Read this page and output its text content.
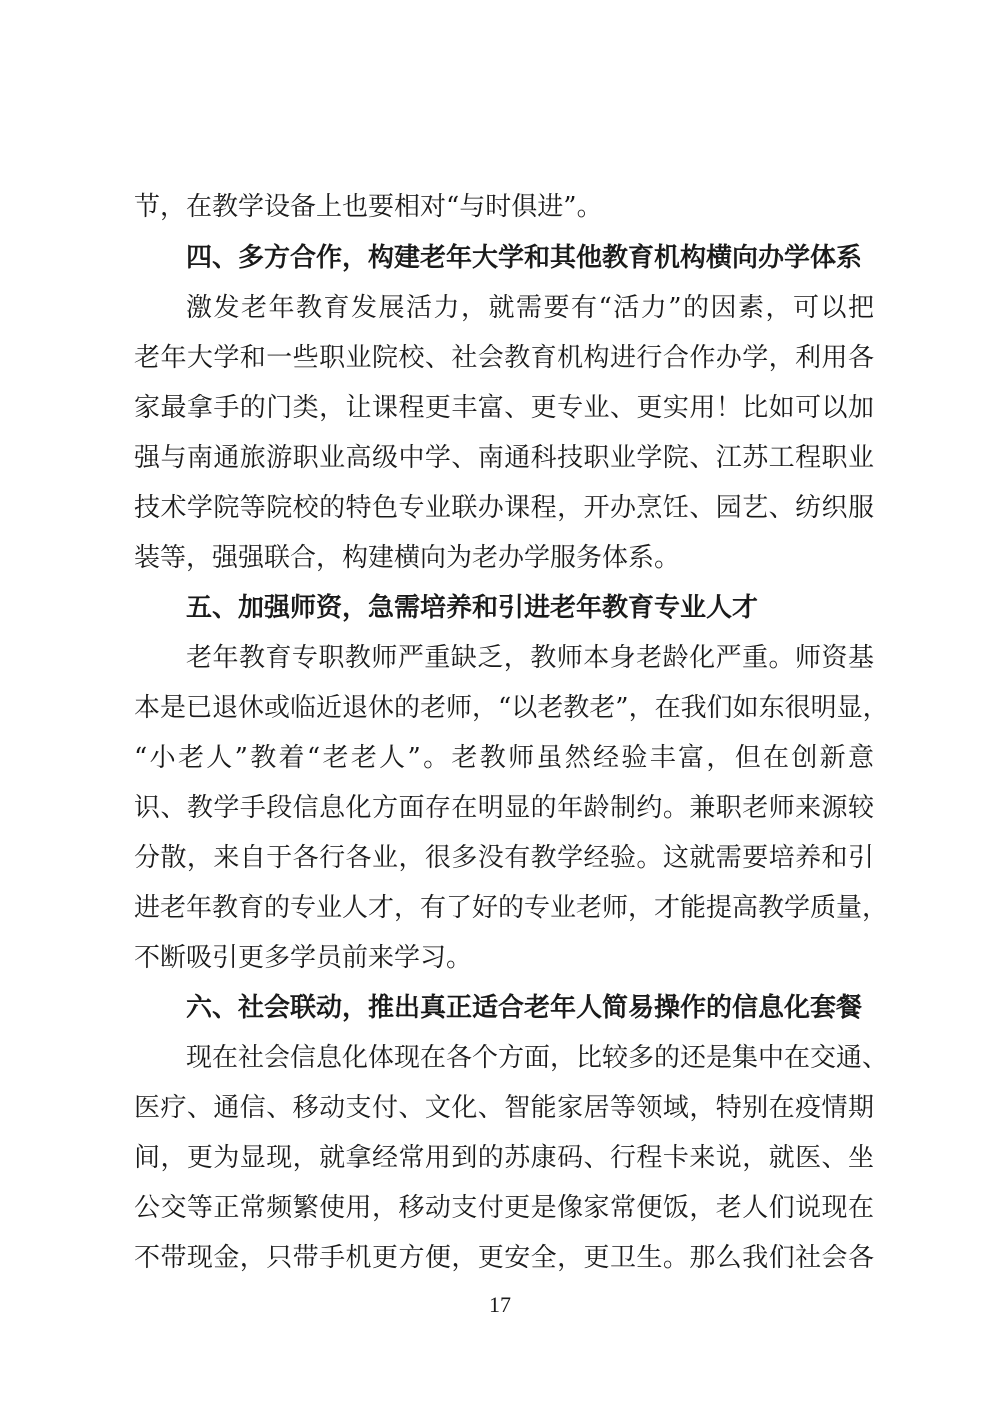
节，在教学设备上也要相对“与时俱进”。
四、多方合作，构建老年大学和其他教育机构横向办学体系
激发老年教育发展活力，就需要有“活力”的因素，可以把
老年大学和一些职业院校、社会教育机构进行合作办学，利用各
家最拿手的门类，让课程更丰富、更专业、更实用！比如可以加
强与南通旅游职业高级中学、南通科技职业学院、江苏工程职业
技术学院等院校的特色专业联办课程，开办烹饪、园艺、纺织服
装等，强强联合，构建横向为老办学服务体系。
五、加强师资，急需培养和引进老年教育专业人才
老年教育专职教师严重缺乏，教师本身老龄化严重。师资基
本是已退休或临近退休的老师，“以老教老”，在我们如东很明显，
“小老人”教着“老老人”。老教师虽然经验丰富，但在创新意
识、教学手段信息化方面存在明显的年龄制约。兼职老师来源较
分散，来自于各行各业，很多没有教学经验。这就需要培养和引
进老年教育的专业人才，有了好的专业老师，才能提高教学质量，
不断吸引更多学员前来学习。
六、社会联动，推出真正适合老年人简易操作的信息化套餐
现在社会信息化体现在各个方面，比较多的还是集中在交通、
医疗、通信、移动支付、文化、智能家居等领域，特别在疫情期
间，更为显现，就拿经常用到的苏康码、行程卡来说，就医、坐
公交等正常频繁使用，移动支付更是像家常便饭，老人们说现在
不带现金，只带手机更方便，更安全，更卫生。那么我们社会各
17
